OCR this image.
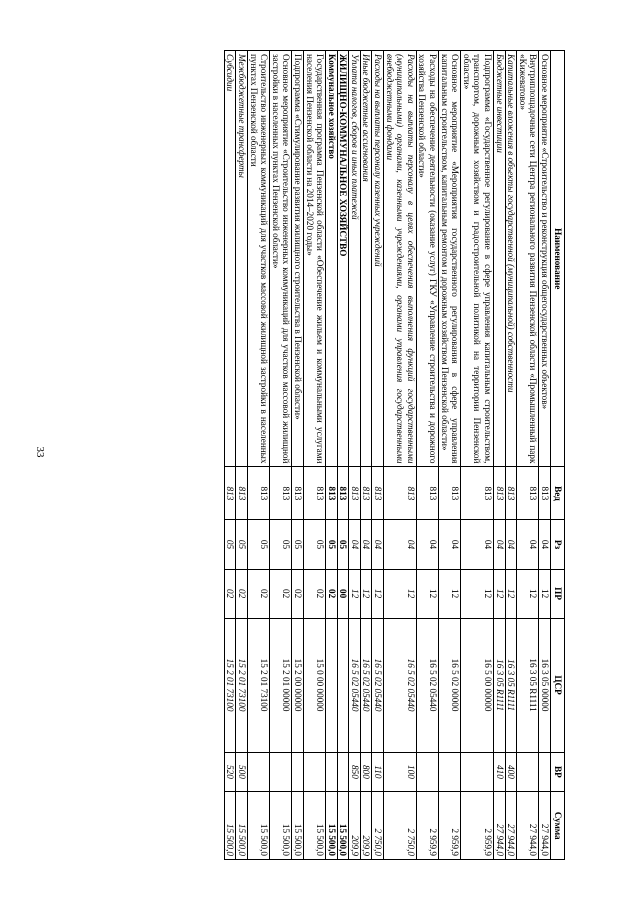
33
Наименование	Вед	Рз	ПР	ЦСР	ВР	Сумма
Основное мероприятие «Строительство и реконструкция общегосударственных объектов»	813	04	12	16 3 05 00000		27 944,0
Внутриплощадочные сети Центра регионального развития Пензенской области «Промышленный парк «Кижеватово»	813	04	12	16 3 05 R1111		27 944,0
Капитальные вложения в объекты государственной (муниципальной) собственности	813	04	12	16 3 05 R1111	400	27 944,0
Бюджетные инвестиции	813	04	12	16 3 05 R1111	410	27 944,0
Подпрограмма «Государственное регулирование в сфере управления капитальным строительством, транспортом, дорожным хозяйством и градостроительной политикой на территории Пензенской области»	813	04	12	16 5 00 00000		2 959,9
Основное мероприятие «Мероприятия государственного регулирования в сфере управления капитальным строительством, капитальным ремонтом и дорожным хозяйством Пензенской области»	813	04	12	16 5 02 00000		2 959,9
Расходы на обеспечение деятельности (оказание услуг) ГКУ «Управление строительства и дорожного хозяйства Пензенской области»	813	04	12	16 5 02 05440		2 959,9
Расходы на выплаты персоналу в целях обеспечения выполнения функций государственными (муниципальными) органами, казенными учреждениями, органами управления государственными внебюджетными фондами	813	04	12	16 5 02 05440	100	2 750,0
Расходы на выплаты персоналу казенных учреждений	813	04	12	16 5 02 05440	110	2 750,0
Иные бюджетные ассигнования	813	04	12	16 5 02 05440	800	209,9
Уплата налогов, сборов и иных платежей	813	04	12	16 5 02 05440	850	209,9
ЖИЛИЩНО-КОММУНАЛЬНОЕ ХОЗЯЙСТВО	813	05	00			15 500,0
Коммунальное хозяйство	813	05	02			15 500,0
Государственная программа Пензенской области «Обеспечение жильем и коммунальными услугами населения Пензенской области на 2014–2020 годы»	813	05	02	15 0 00 00000		15 500,0
Подпрограмма «Стимулирование развития жилищного строительства в Пензенской области»	813	05	02	15 2 00 00000		15 500,0
Основное мероприятие «Строительство инженерных коммуникаций для участков массовой жилищной застройки в населенных пунктах Пензенской области»	813	05	02	15 2 01 00000		15 500,0
Строительство инженерных коммуникаций для участков массовой жилищной застройки в населенных пунктах Пензенской области	813	05	02	15 2 01 73100		15 500,0
Межбюджетные трансферты	813	05	02	15 2 01 73100	500	15 500,0
Субсидии	813	05	02	15 2 01 73100	520	15 500,0
